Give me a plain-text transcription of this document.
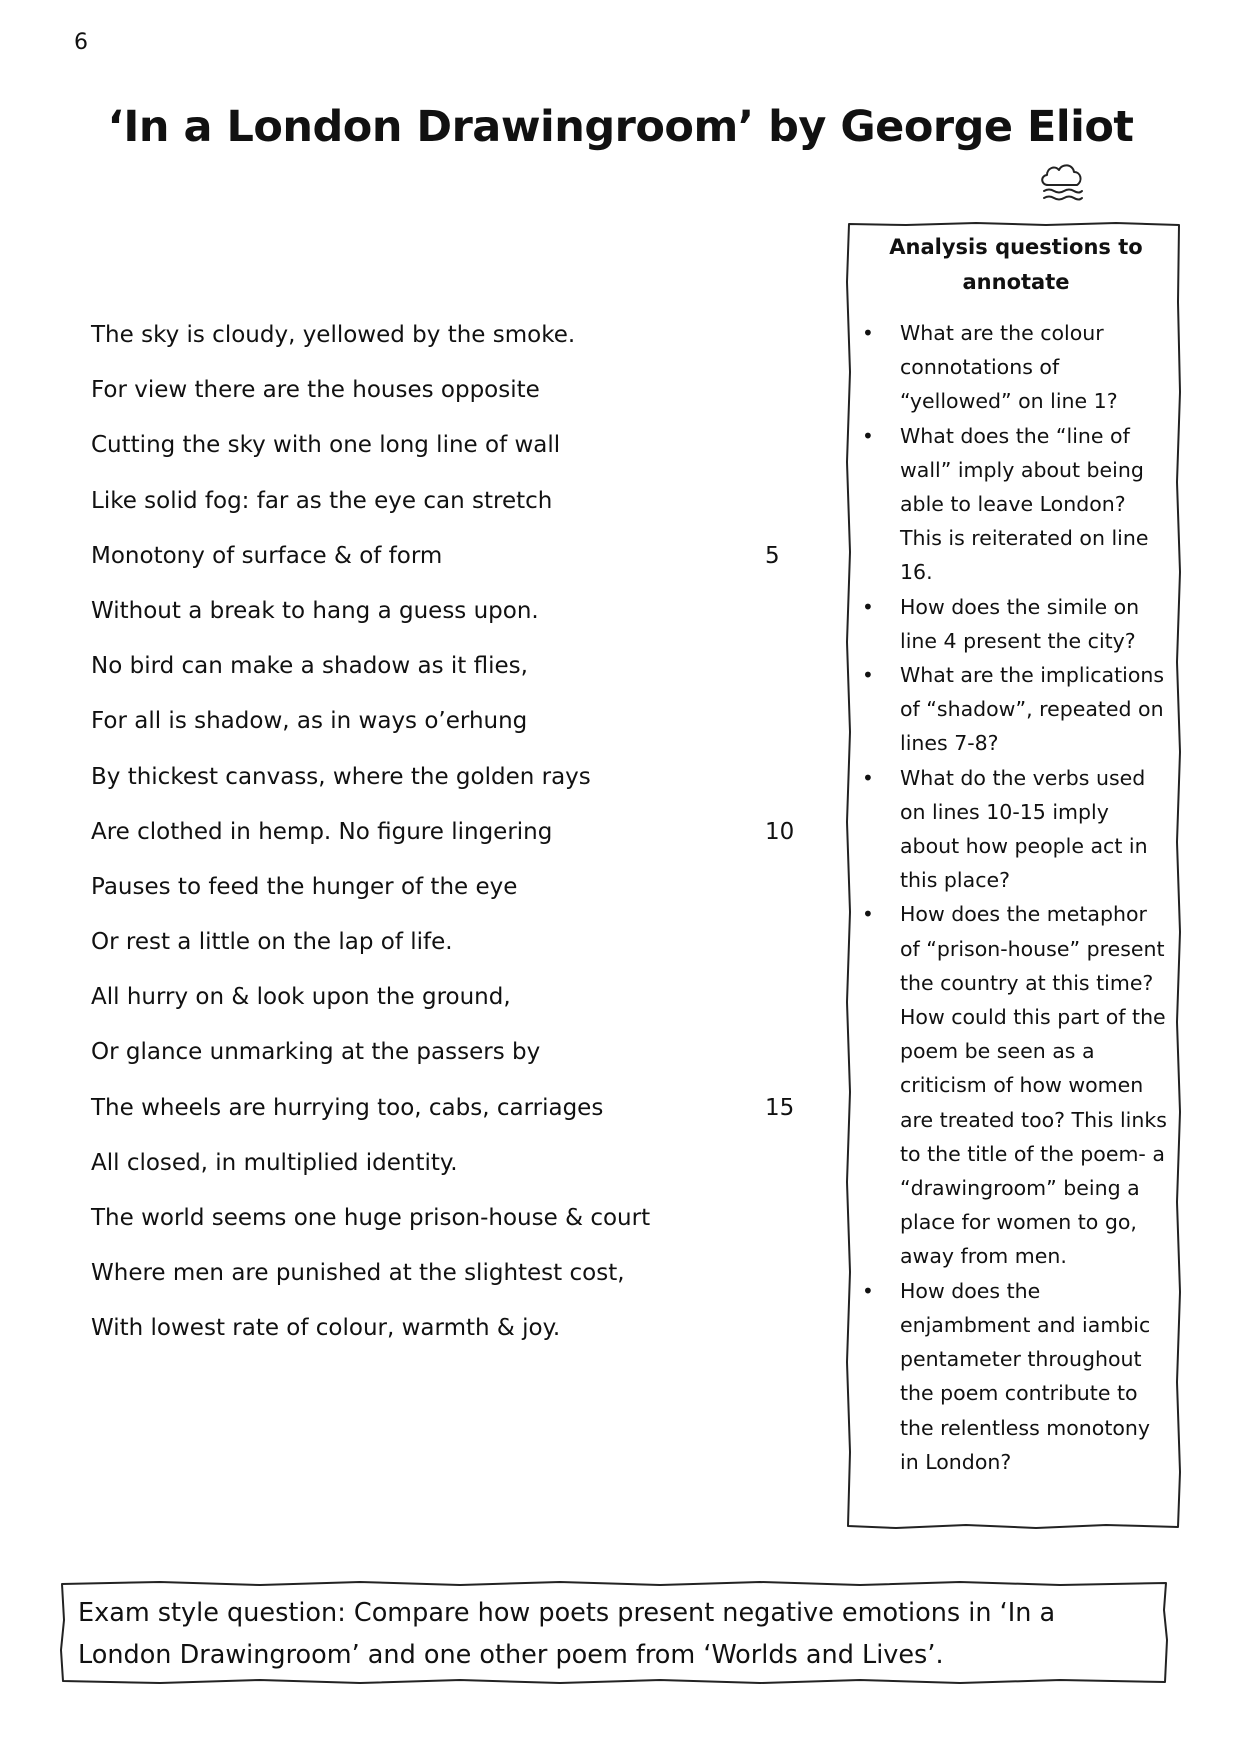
6
‘In a London Drawingroom’ by George Eliot
The sky is cloudy, yellowed by the smoke.
For view there are the houses opposite
Cutting the sky with one long line of wall
Like solid fog: far as the eye can stretch
Monotony of surface & of form	5
Without a break to hang a guess upon.
No bird can make a shadow as it flies,
For all is shadow, as in ways o’erhung
By thickest canvass, where the golden rays
Are clothed in hemp. No figure lingering	10
Pauses to feed the hunger of the eye
Or rest a little on the lap of life.
All hurry on & look upon the ground,
Or glance unmarking at the passers by
The wheels are hurrying too, cabs, carriages	15
All closed, in multiplied identity.
The world seems one huge prison-house & court
Where men are punished at the slightest cost,
With lowest rate of colour, warmth & joy.
Analysis questions to annotate
• What are the colour connotations of “yellowed” on line 1?
• What does the “line of wall” imply about being able to leave London? This is reiterated on line 16.
• How does the simile on line 4 present the city?
• What are the implications of “shadow”, repeated on lines 7-8?
• What do the verbs used on lines 10-15 imply about how people act in this place?
• How does the metaphor of “prison-house” present the country at this time? How could this part of the poem be seen as a criticism of how women are treated too? This links to the title of the poem- a “drawingroom” being a place for women to go, away from men.
• How does the enjambment and iambic pentameter throughout the poem contribute to the relentless monotony in London?
Exam style question: Compare how poets present negative emotions in ‘In a London Drawingroom’ and one other poem from ‘Worlds and Lives’.
